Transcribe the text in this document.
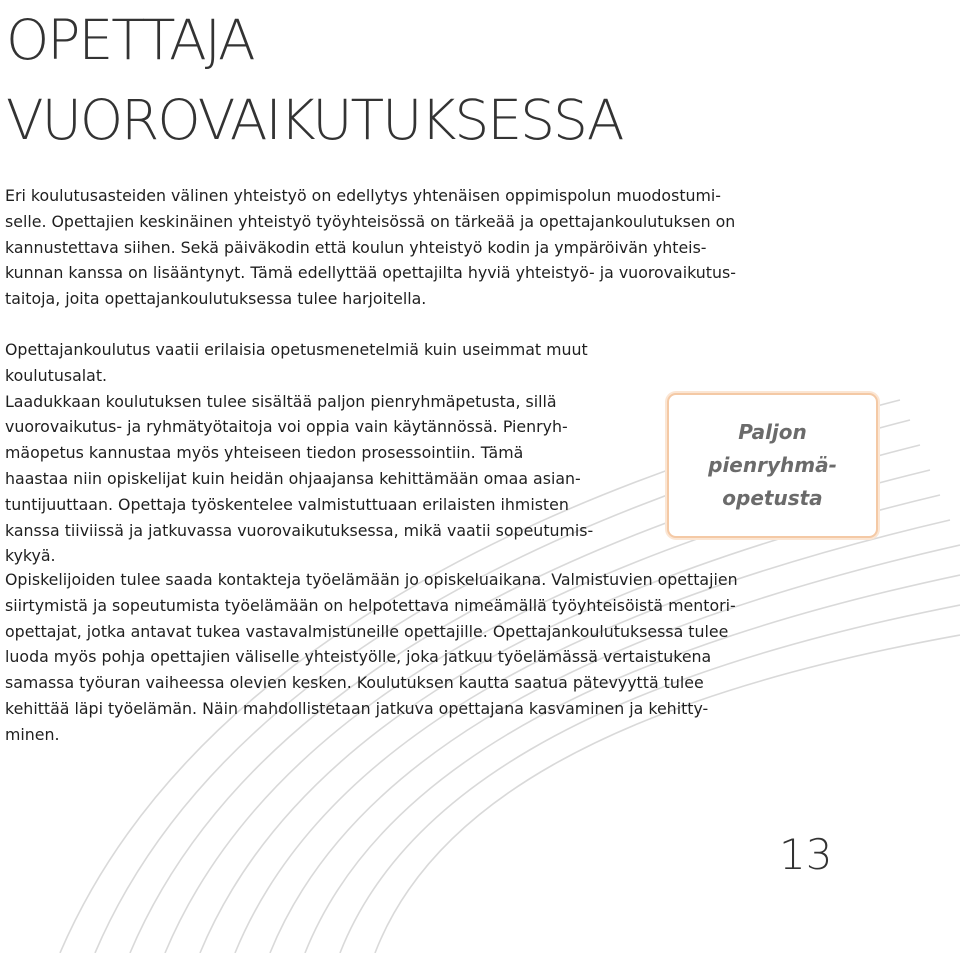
OPETTAJA
VUOROVAIKUTUKSESSA

Eri koulutusasteiden välinen yhteistyö on edellytys yhtenäisen oppimispolun muodostumi-
selle. Opettajien keskinäinen yhteistyö työyhteisössä on tärkeää ja opettajankoulutuksen on
kannustettava siihen. Sekä päiväkodin että koulun yhteistyö kodin ja ympäröivän yhteis-
kunnan kanssa on lisääntynyt. Tämä edellyttää opettajilta hyviä yhteistyö- ja vuorovaikutus-
taitoja, joita opettajankoulutuksessa tulee harjoitella.

Opettajankoulutus vaatii erilaisia opetusmenetelmiä kuin useimmat muut koulutusalat.
Laadukkaan koulutuksen tulee sisältää paljon pienryhmäpetusta, sillä
vuorovaikutus- ja ryhmätyötaitoja voi oppia vain käytännössä. Pienryh-
mäopetus kannustaa myös yhteiseen tiedon prosessointiin. Tämä
haastaa niin opiskelijat kuin heidän ohjaajansa kehittämään omaa asian-
tuntijuuttaan. Opettaja työskentelee valmistuttuaan erilaisten ihmisten
kanssa tiiviissä ja jatkuvassa vuorovaikutuksessa, mikä vaatii sopeutumis-
kykyä.

Paljon
pienryhmä-
opetusta

Opiskelijoiden tulee saada kontakteja työelämään jo opiskeluaikana. Valmistuvien opettajien
siirtymistä ja sopeutumista työelämään on helpotettava nimeämällä työyhteisöistä mentori-
opettajat, jotka antavat tukea vastavalmistuneille opettajille. Opettajankoulutuksessa tulee
luoda myös pohja opettajien väliselle yhteistyölle, joka jatkuu työelämässä vertaistukena
samassa työuran vaiheessa olevien kesken. Koulutuksen kautta saatua pätevyyttä tulee
kehittää läpi työelämän. Näin mahdollistetaan jatkuva opettajana kasvaminen ja kehitty-
minen.

13
